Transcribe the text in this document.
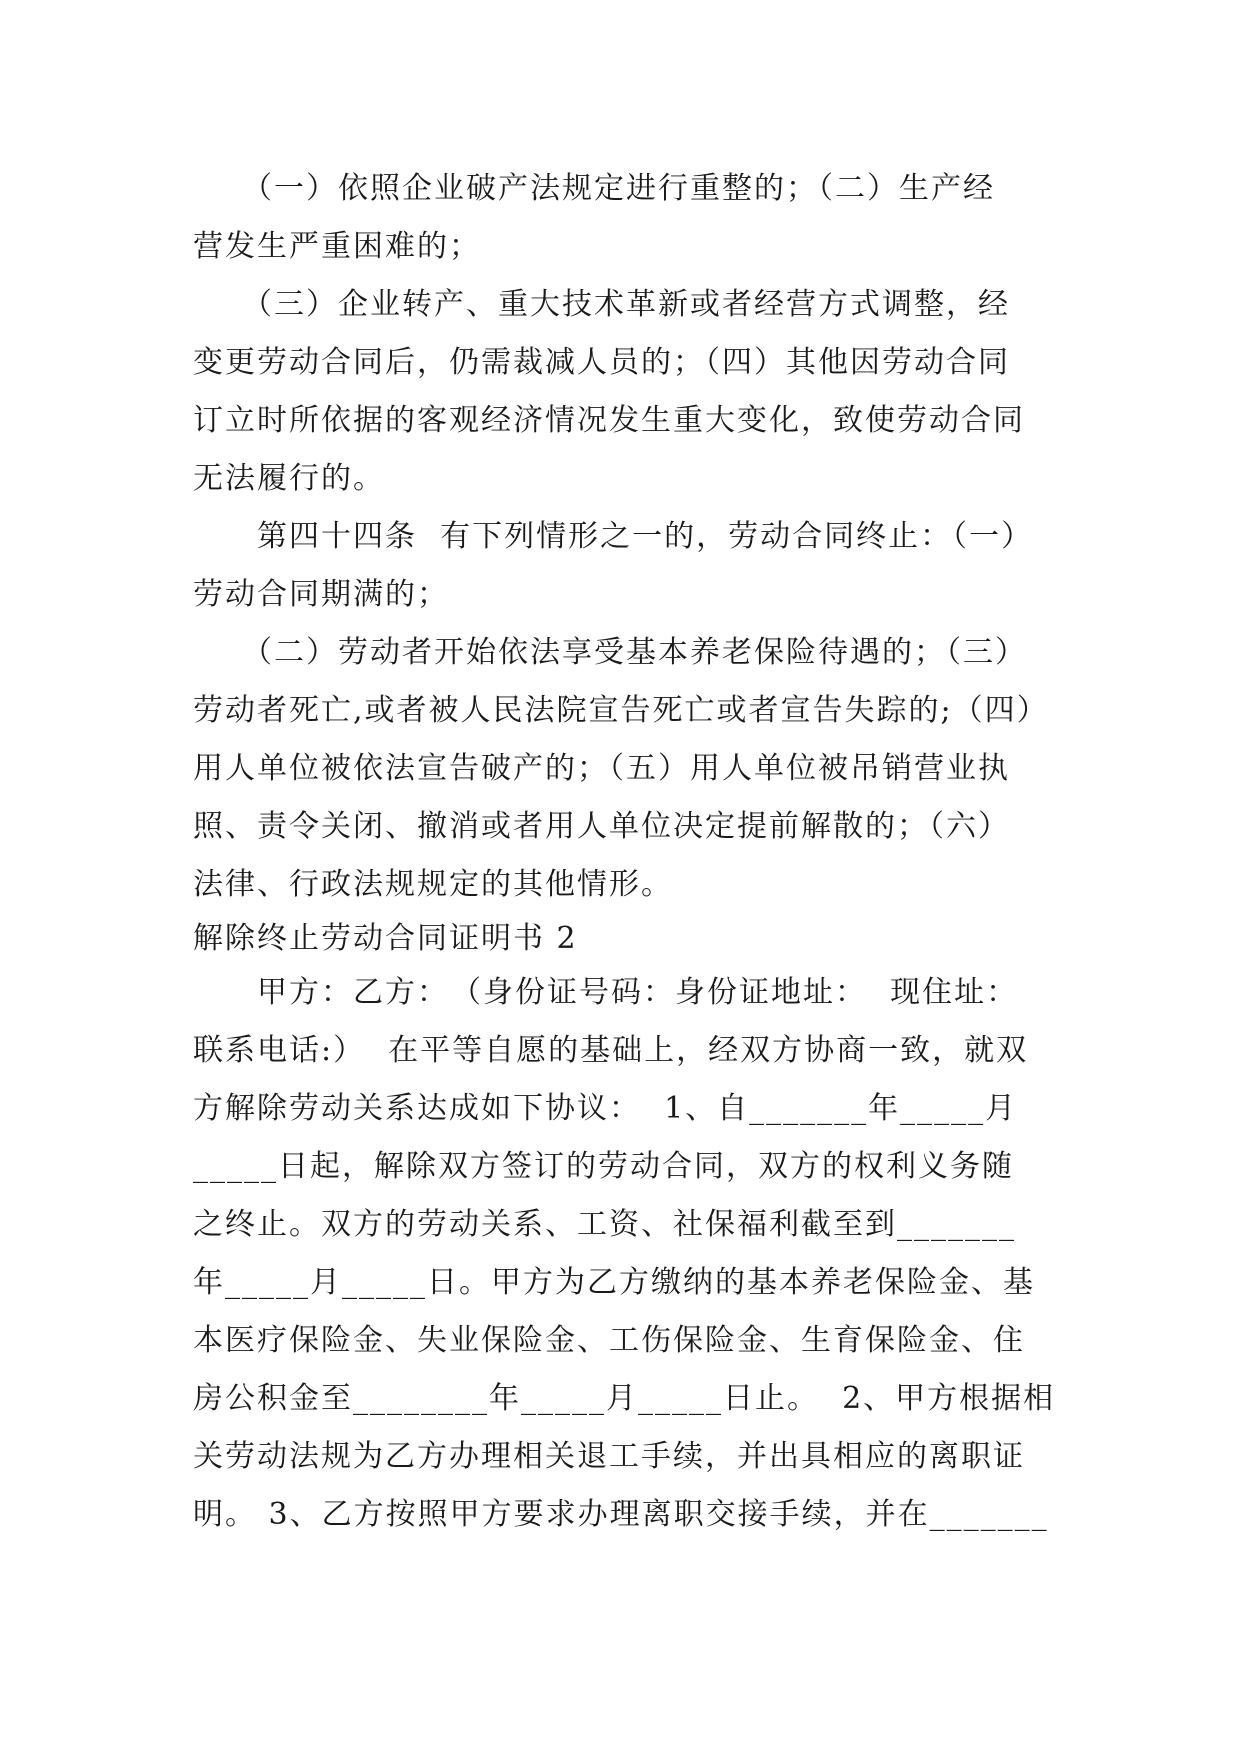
　　（一）依照企业破产法规定进行重整的；（二）生产经
营发生严重困难的；
　　（三）企业转产、重大技术革新或者经营方式调整，经
变更劳动合同后，仍需裁减人员的；（四）其他因劳动合同
订立时所依据的客观经济情况发生重大变化，致使劳动合同
无法履行的。
　　第四十四条  有下列情形之一的，劳动合同终止：（一）
劳动合同期满的；
　　（二）劳动者开始依法享受基本养老保险待遇的；（三）
劳动者死亡,或者被人民法院宣告死亡或者宣告失踪的;（四）
用人单位被依法宣告破产的；（五）用人单位被吊销营业执
照、责令关闭、撤消或者用人单位决定提前解散的；（六）
法律、行政法规规定的其他情形。
解除终止劳动合同证明书 2
　　甲方：乙方：　（身份证号码：身份证地址：  现住址：
联系电话:）  在平等自愿的基础上，经双方协商一致，就双
方解除劳动关系达成如下协议：  1、自_______年_____月
_____日起，解除双方签订的劳动合同，双方的权利义务随
之终止。双方的劳动关系、工资、社保福利截至到_______
年_____月_____日。甲方为乙方缴纳的基本养老保险金、基
本医疗保险金、失业保险金、工伤保险金、生育保险金、住
房公积金至________年_____月_____日止。  2、甲方根据相
关劳动法规为乙方办理相关退工手续，并出具相应的离职证
明。 3、乙方按照甲方要求办理离职交接手续，并在_______
